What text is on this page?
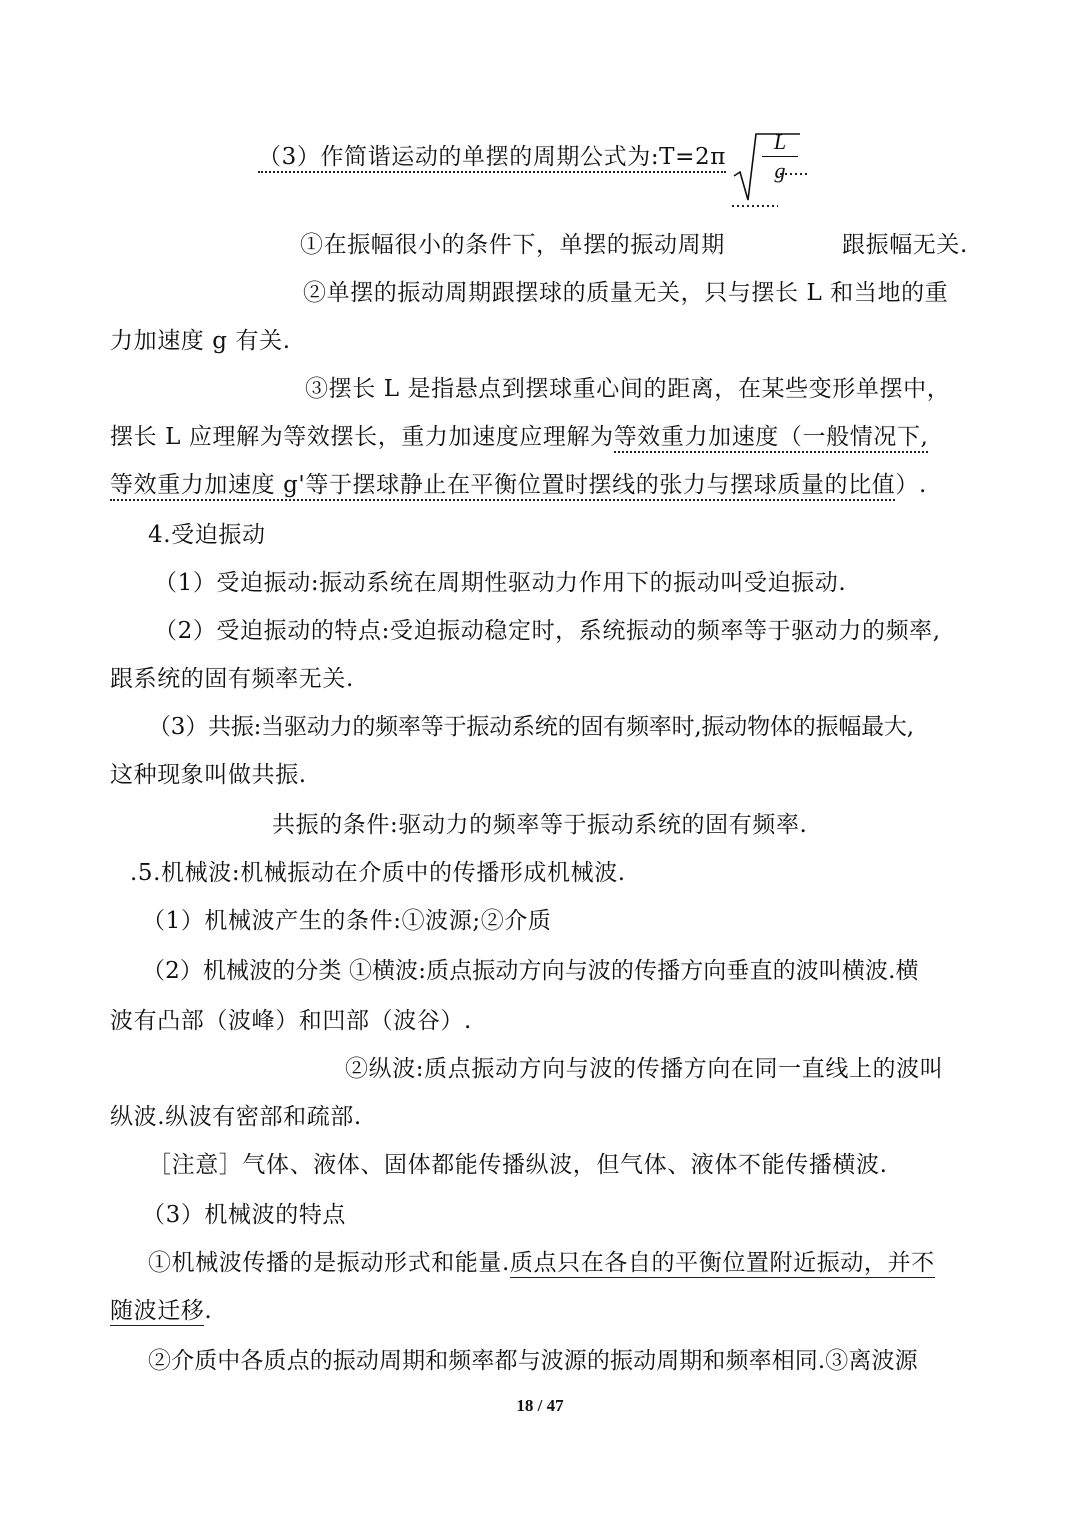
（3）作简谐运动的单摆的周期公式为:T=2π
L
g
①在振幅很小的条件下，单摆的振动周期	跟振幅无关.
②单摆的振动周期跟摆球的质量无关，只与摆长 L 和当地的重
力加速度 g 有关.
③摆长 L 是指悬点到摆球重心间的距离，在某些变形单摆中，
摆长 L 应理解为等效摆长，重力加速度应理解为等效重力加速度（一般情况下,
等效重力加速度 g'等于摆球静止在平衡位置时摆线的张力与摆球质量的比值）.
4.受迫振动
（1）受迫振动:振动系统在周期性驱动力作用下的振动叫受迫振动.
（2）受迫振动的特点:受迫振动稳定时，系统振动的频率等于驱动力的频率,
跟系统的固有频率无关.
（3）共振:当驱动力的频率等于振动系统的固有频率时,振动物体的振幅最大,
这种现象叫做共振.
共振的条件:驱动力的频率等于振动系统的固有频率.
.5.机械波:机械振动在介质中的传播形成机械波.
（1）机械波产生的条件:①波源;②介质
（2）机械波的分类 ①横波:质点振动方向与波的传播方向垂直的波叫横波.横
波有凸部（波峰）和凹部（波谷）.
②纵波:质点振动方向与波的传播方向在同一直线上的波叫
纵波.纵波有密部和疏部.
［注意］气体、液体、固体都能传播纵波，但气体、液体不能传播横波.
（3）机械波的特点
①机械波传播的是振动形式和能量.质点只在各自的平衡位置附近振动，并不
随波迁移.
②介质中各质点的振动周期和频率都与波源的振动周期和频率相同.③离波源
18 / 47
